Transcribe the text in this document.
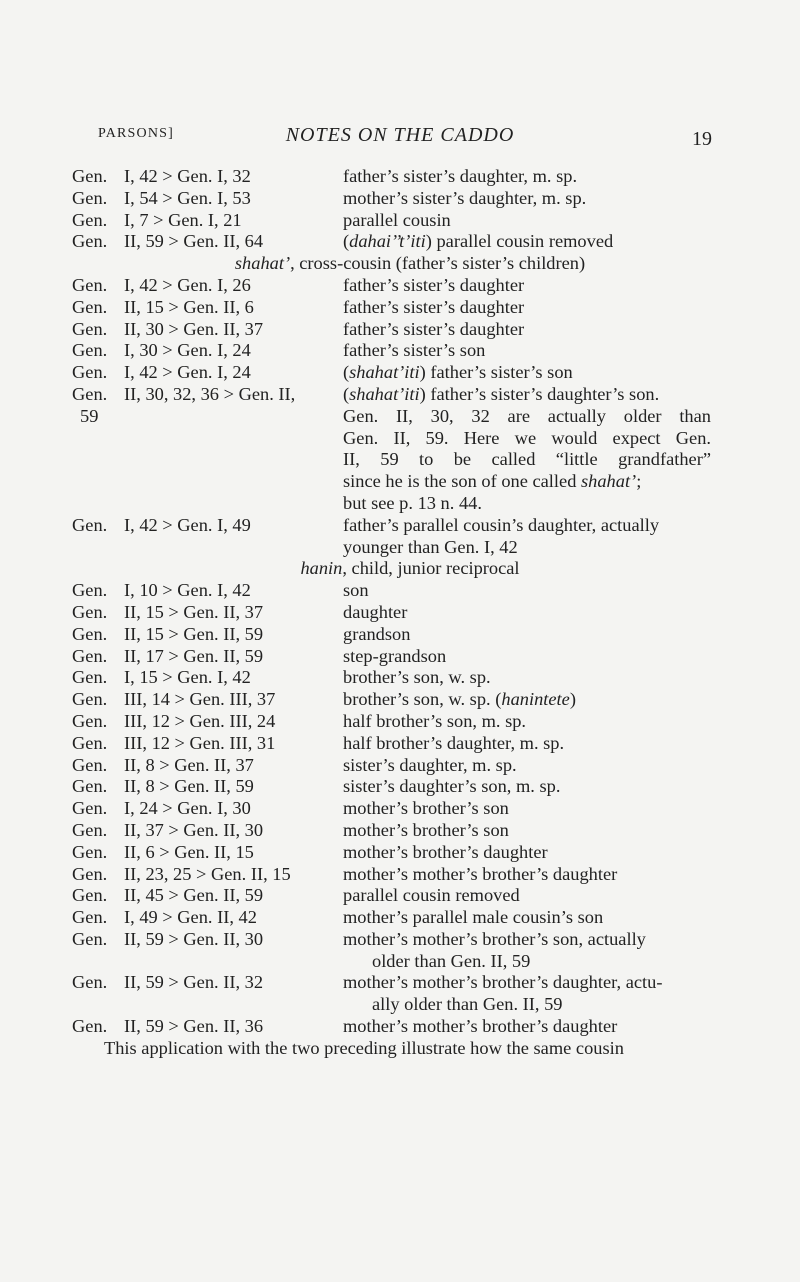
PARSONS]	NOTES ON THE CADDO	19
Gen. I, 42 > Gen. I, 32	father’s sister’s daughter, m. sp.
Gen. I, 54 > Gen. I, 53	mother’s sister’s daughter, m. sp.
Gen. I, 7 > Gen. I, 21	parallel cousin
Gen. II, 59 > Gen. II, 64	(dahai’’t’iti) parallel cousin removed
shahat’, cross-cousin (father’s sister’s children)
Gen. I, 42 > Gen. I, 26	father’s sister’s daughter
Gen. II, 15 > Gen. II, 6	father’s sister’s daughter
Gen. II, 30 > Gen. II, 37	father’s sister’s daughter
Gen. I, 30 > Gen. I, 24	father’s sister’s son
Gen. I, 42 > Gen. I, 24	(shahat’iti) father’s sister’s son
Gen. II, 30, 32, 36 > Gen. II,	(shahat’iti) father’s sister’s daughter’s son.
59	Gen. II, 30, 32 are actually older than
Gen. II, 59. Here we would expect Gen.
II, 59 to be called “little grandfather”
since he is the son of one called shahat’;
but see p. 13 n. 44.
Gen. I, 42 > Gen. I, 49	father’s parallel cousin’s daughter, actually
younger than Gen. I, 42
hanin, child, junior reciprocal
Gen. I, 10 > Gen. I, 42	son
Gen. II, 15 > Gen. II, 37	daughter
Gen. II, 15 > Gen. II, 59	grandson
Gen. II, 17 > Gen. II, 59	step-grandson
Gen. I, 15 > Gen. I, 42	brother’s son, w. sp.
Gen. III, 14 > Gen. III, 37	brother’s son, w. sp. (hanintete)
Gen. III, 12 > Gen. III, 24	half brother’s son, m. sp.
Gen. III, 12 > Gen. III, 31	half brother’s daughter, m. sp.
Gen. II, 8 > Gen. II, 37	sister’s daughter, m. sp.
Gen. II, 8 > Gen. II, 59	sister’s daughter’s son, m. sp.
Gen. I, 24 > Gen. I, 30	mother’s brother’s son
Gen. II, 37 > Gen. II, 30	mother’s brother’s son
Gen. II, 6 > Gen. II, 15	mother’s brother’s daughter
Gen. II, 23, 25 > Gen. II, 15	mother’s mother’s brother’s daughter
Gen. II, 45 > Gen. II, 59	parallel cousin removed
Gen. I, 49 > Gen. II, 42	mother’s parallel male cousin’s son
Gen. II, 59 > Gen. II, 30	mother’s mother’s brother’s son, actually
older than Gen. II, 59
Gen. II, 59 > Gen. II, 32	mother’s mother’s brother’s daughter, actu-
ally older than Gen. II, 59
Gen. II, 59 > Gen. II, 36	mother’s mother’s brother’s daughter
This application with the two preceding illustrate how the same cousin
